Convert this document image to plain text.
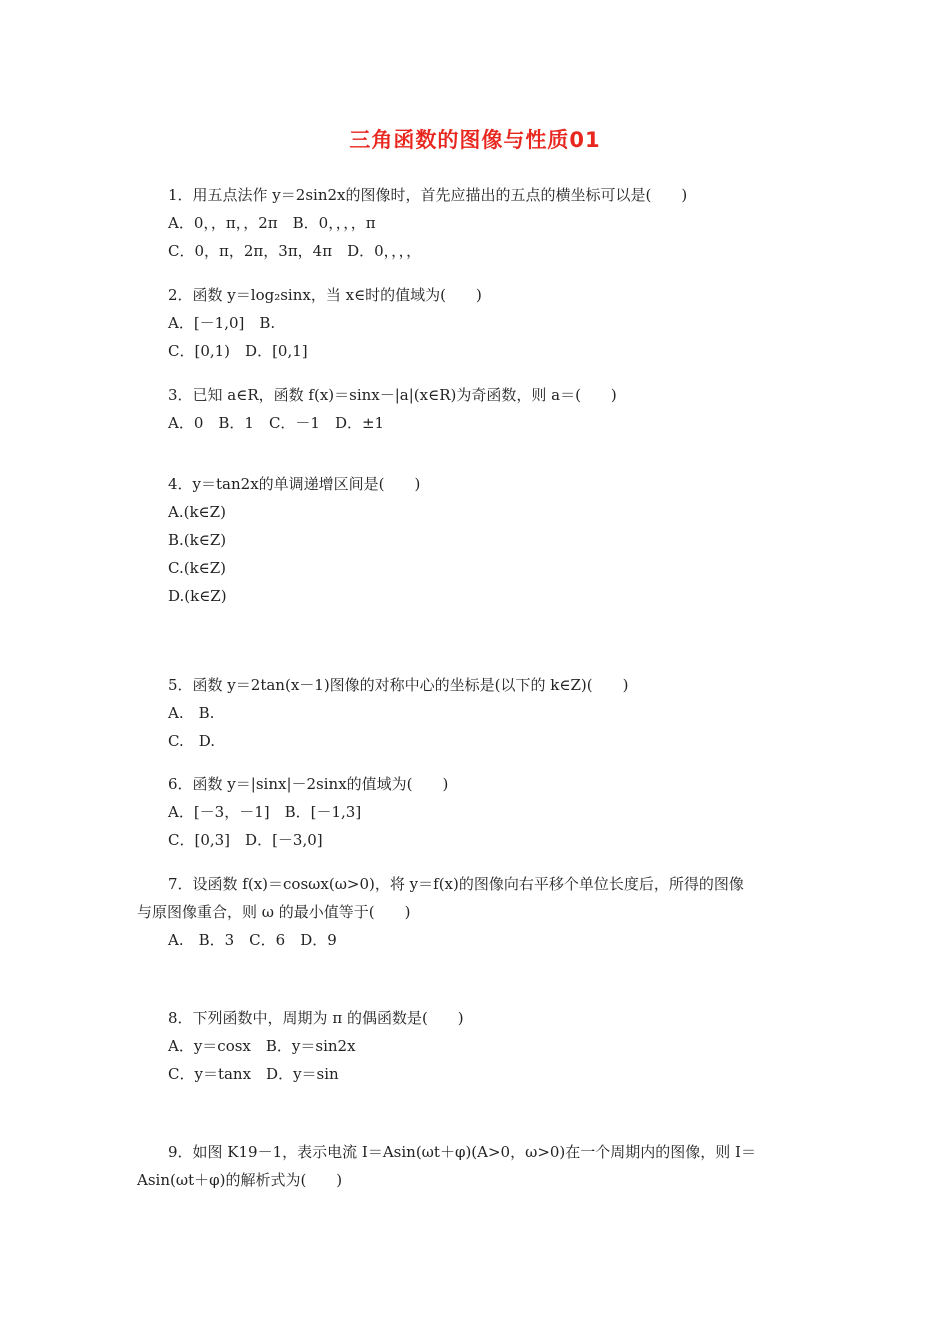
三角函数的图像与性质01
1．用五点法作 y＝2sin2x的图像时，首先应描出的五点的横坐标可以是(　　)
A．0，，π，，2π　B．0，，，，π
C．0，π，2π，3π，4π　D．0，，，，
2．函数 y＝log₂sinx，当 x∈时的值域为(　　)
A．[－1,0]　B.
C．[0,1)　D．[0,1]
3．已知 a∈R，函数 f(x)＝sinx－|a|(x∈R)为奇函数，则 a＝(　　)
A．0　B．1　C．－1　D．±1
4．y＝tan2x的单调递增区间是(　　)
A.(k∈Z)
B.(k∈Z)
C.(k∈Z)
D.(k∈Z)
5．函数 y＝2tan(x－1)图像的对称中心的坐标是(以下的 k∈Z)(　　)
A.　B.
C.　D.
6．函数 y＝|sinx|－2sinx的值域为(　　)
A．[－3，－1]　B．[－1,3]
C．[0,3]　D．[－3,0]
7．设函数 f(x)＝cosωx(ω>0)，将 y＝f(x)的图像向右平移个单位长度后，所得的图像
与原图像重合，则 ω 的最小值等于(　　)
A.　B．3　C．6　D．9
8．下列函数中，周期为 π 的偶函数是(　　)
A．y＝cosx　B．y＝sin2x
C．y＝tanx　D．y＝sin
9．如图 K19－1，表示电流 I＝Asin(ωt＋φ)(A>0，ω>0)在一个周期内的图像，则 I＝
Asin(ωt＋φ)的解析式为(　　)
